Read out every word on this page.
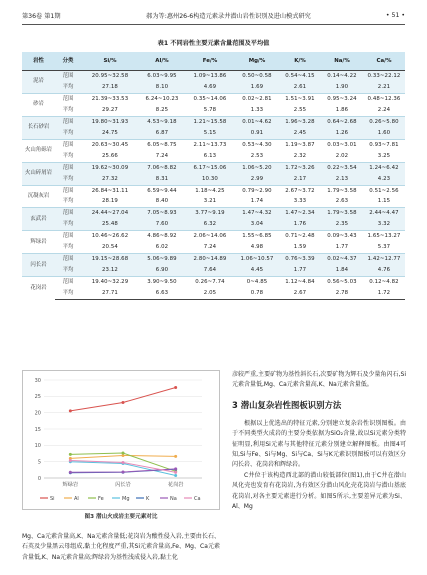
第36卷 第1期	郝为等:惠州26-6构造元素录井潜山岩性识别及进山模式研究	• 51 •
表1 不同岩性主要元素含量范围及平均值
岩性	分类	Si/%	Al/%	Fe/%	Mg/%	K/%	Na/%	Ca/%
泥岩	范围	20.95~32.58	6.03~9.95	1.09~13.86	0.50~0.58	0.54~4.15	0.14~4.22	0.33~22.12
	平均	27.18	8.10	4.69	1.69	2.61	1.90	2.21
砂岩	范围	21.39~33.53	6.24~10.23	0.35~14.06	0.02~2.81	1.51~3.91	0.95~3.24	0.48~12.36
	平均	29.27	8.25	5.78	1.33	2.55	1.86	2.24
长石砂岩	范围	19.80~31.93	4.53~9.18	1.21~15.58	0.01~4.62	1.96~3.28	0.64~2.68	0.26~5.80
	平均	24.75	6.87	5.15	0.91	2.45	1.26	1.60
火山角砾岩	范围	20.63~30.45	6.05~8.75	2.11~13.73	0.53~4.30	1.19~3.87	0.03~3.01	0.93~7.81
	平均	25.66	7.24	6.13	2.53	2.32	2.02	3.25
火山碎屑岩	范围	19.62~30.09	7.06~8.82	6.17~15.06	1.06~5.20	1.72~3.26	0.22~3.54	1.24~6.42
	平均	27.32	8.31	10.30	2.99	2.17	2.13	4.23
沉凝灰岩	范围	26.84~31.11	6.59~9.44	1.18~4.25	0.79~2.90	2.67~3.72	1.79~3.58	0.51~2.56
	平均	28.19	8.40	3.21	1.74	3.33	2.63	1.15
玄武岩	范围	24.44~27.04	7.05~8.93	3.77~9.19	1.47~4.32	1.47~2.34	1.79~3.58	2.44~4.47
	平均	25.48	7.60	6.32	3.04	1.76	2.35	3.32
辉绿岩	范围	10.46~26.62	4.86~8.92	2.06~14.06	1.55~6.85	0.71~2.48	0.09~3.43	1.65~13.27
	平均	20.54	6.02	7.24	4.98	1.59	1.77	5.37
闪长岩	范围	19.15~28.68	5.06~9.89	2.80~14.89	1.06~10.57	0.76~3.39	0.02~4.37	1.42~12.77
	平均	23.12	6.90	7.64	4.45	1.77	1.84	4.76
花岗岩	范围	19.40~32.29	3.90~9.50	0.26~7.74	0~4.85	1.12~4.84	0.56~5.03	0.12~4.82
	平均	27.71	6.63	2.05	0.78	2.67	2.78	1.72
0
5
10
15
20
25
30
辉绿岩	闪长岩	花岗岩
Si	Al	Fe	Mg	K	Na	Ca
图3 潜山火成岩主要元素对比

Mg、Ca元素含量高,K、Na元素含量低;花岗岩为酸性侵入岩,主要由长石、石英及少量黑云母组成,黏土化程度严重,其Si元素含量高,Fe、Mg、Ca元素含量低,K、Na元素含量高;辉绿岩为基性浅成侵入岩,黏土化

彦较严重,主要矿物为基性斜长石,次要矿物为辉石及少量角闪石,Si元素含量低,Mg、Ca元素含量高,K、Na元素含量低。

3 潜山复杂岩性图板识别方法

根据以上优选出的特征元素,分别建立复杂岩性识别图板。由于不同类型火成岩的主要分类依据为SiO₂含量,故以Si元素分类特征明显,利用Si元素与其他特征元素分别建立解释图板。由图4可知,Si与Fe、Si与Mg、Si与Ca、Si与K元素识别图板可以有效区分闪长岩、花岗岩和辉绿岩。

C井位于该构造西北部的潜山较低部位(图1),由于C井在潜山风化壳也发育有花岗岩,为有效区分潜山风化壳花岗岩与潜山基底花岗岩,对各主要元素进行分析。如图5所示,主要差异元素为Si、Al、Mg
